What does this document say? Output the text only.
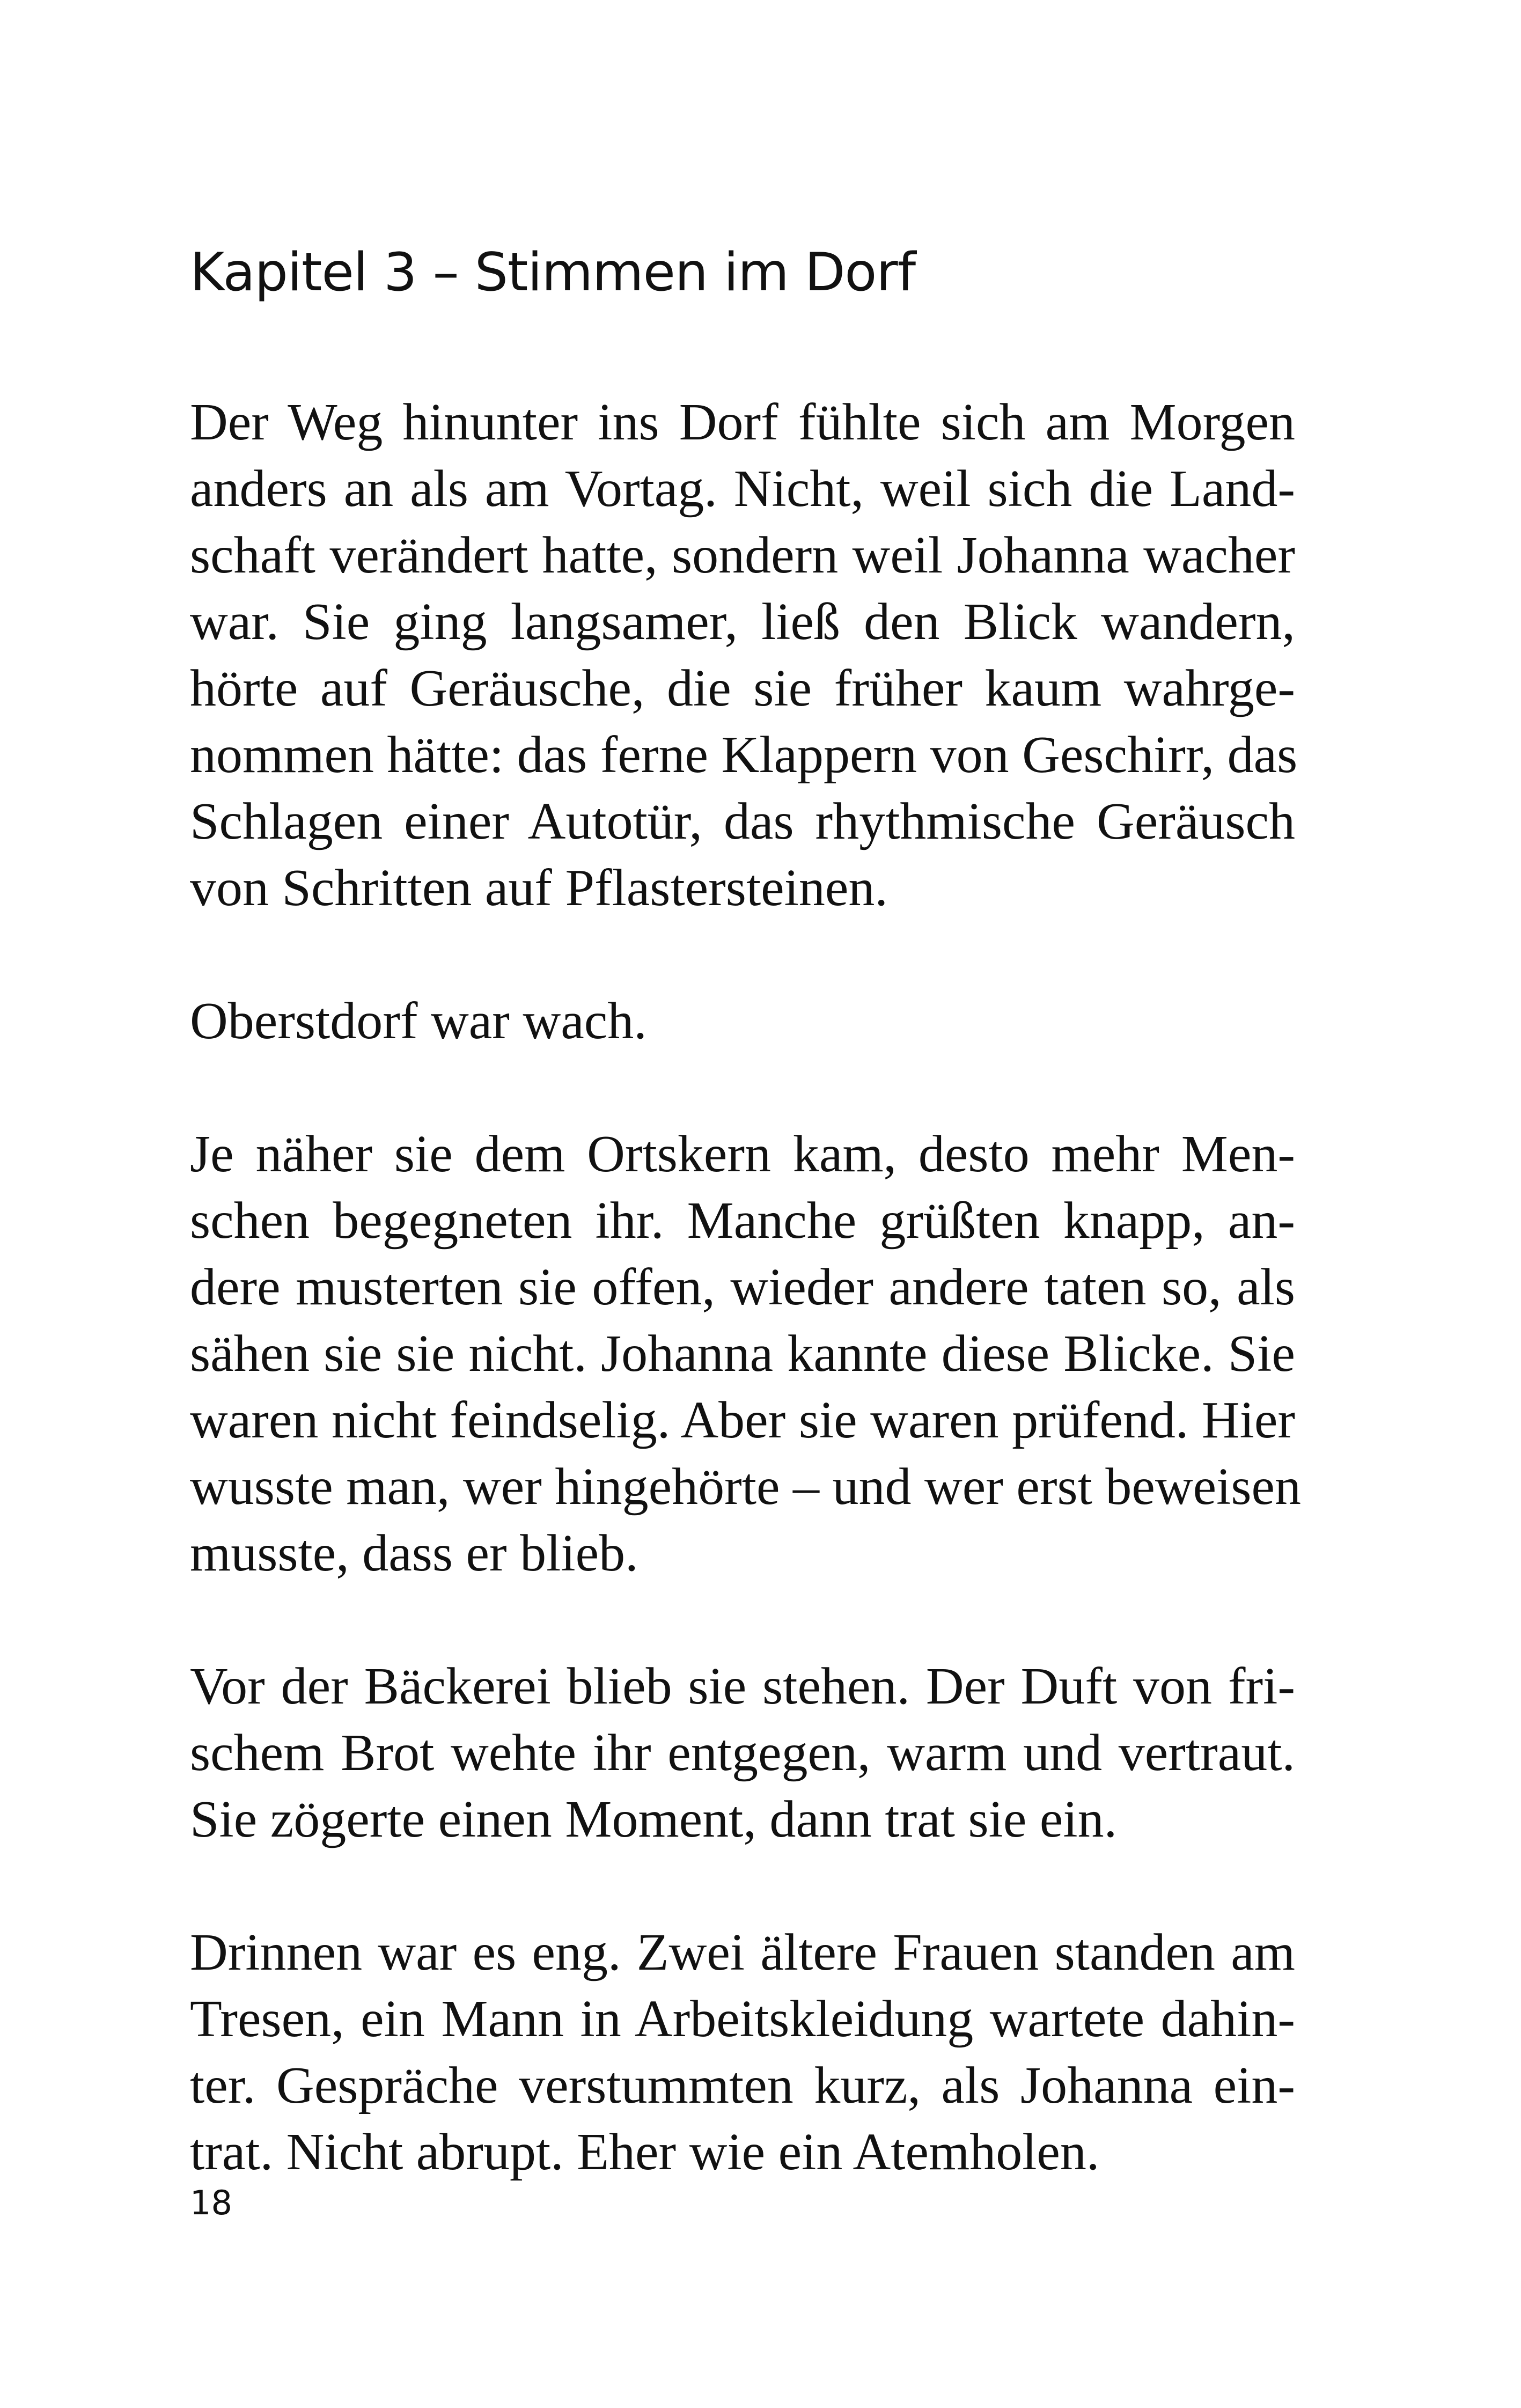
Kapitel 3 – Stimmen im Dorf

Der Weg hinunter ins Dorf fühlte sich am Morgen
anders an als am Vortag. Nicht, weil sich die Land-
schaft verändert hatte, sondern weil Johanna wacher
war. Sie ging langsamer, ließ den Blick wandern,
hörte auf Geräusche, die sie früher kaum wahrge-
nommen hätte: das ferne Klappern von Geschirr, das
Schlagen einer Autotür, das rhythmische Geräusch
von Schritten auf Pflastersteinen.

Oberstdorf war wach.

Je näher sie dem Ortskern kam, desto mehr Men-
schen begegneten ihr. Manche grüßten knapp, an-
dere musterten sie offen, wieder andere taten so, als
sähen sie sie nicht. Johanna kannte diese Blicke. Sie
waren nicht feindselig. Aber sie waren prüfend. Hier
wusste man, wer hingehörte – und wer erst beweisen
musste, dass er blieb.

Vor der Bäckerei blieb sie stehen. Der Duft von fri-
schem Brot wehte ihr entgegen, warm und vertraut.
Sie zögerte einen Moment, dann trat sie ein.

Drinnen war es eng. Zwei ältere Frauen standen am
Tresen, ein Mann in Arbeitskleidung wartete dahin-
ter. Gespräche verstummten kurz, als Johanna ein-
trat. Nicht abrupt. Eher wie ein Atemholen.

18
